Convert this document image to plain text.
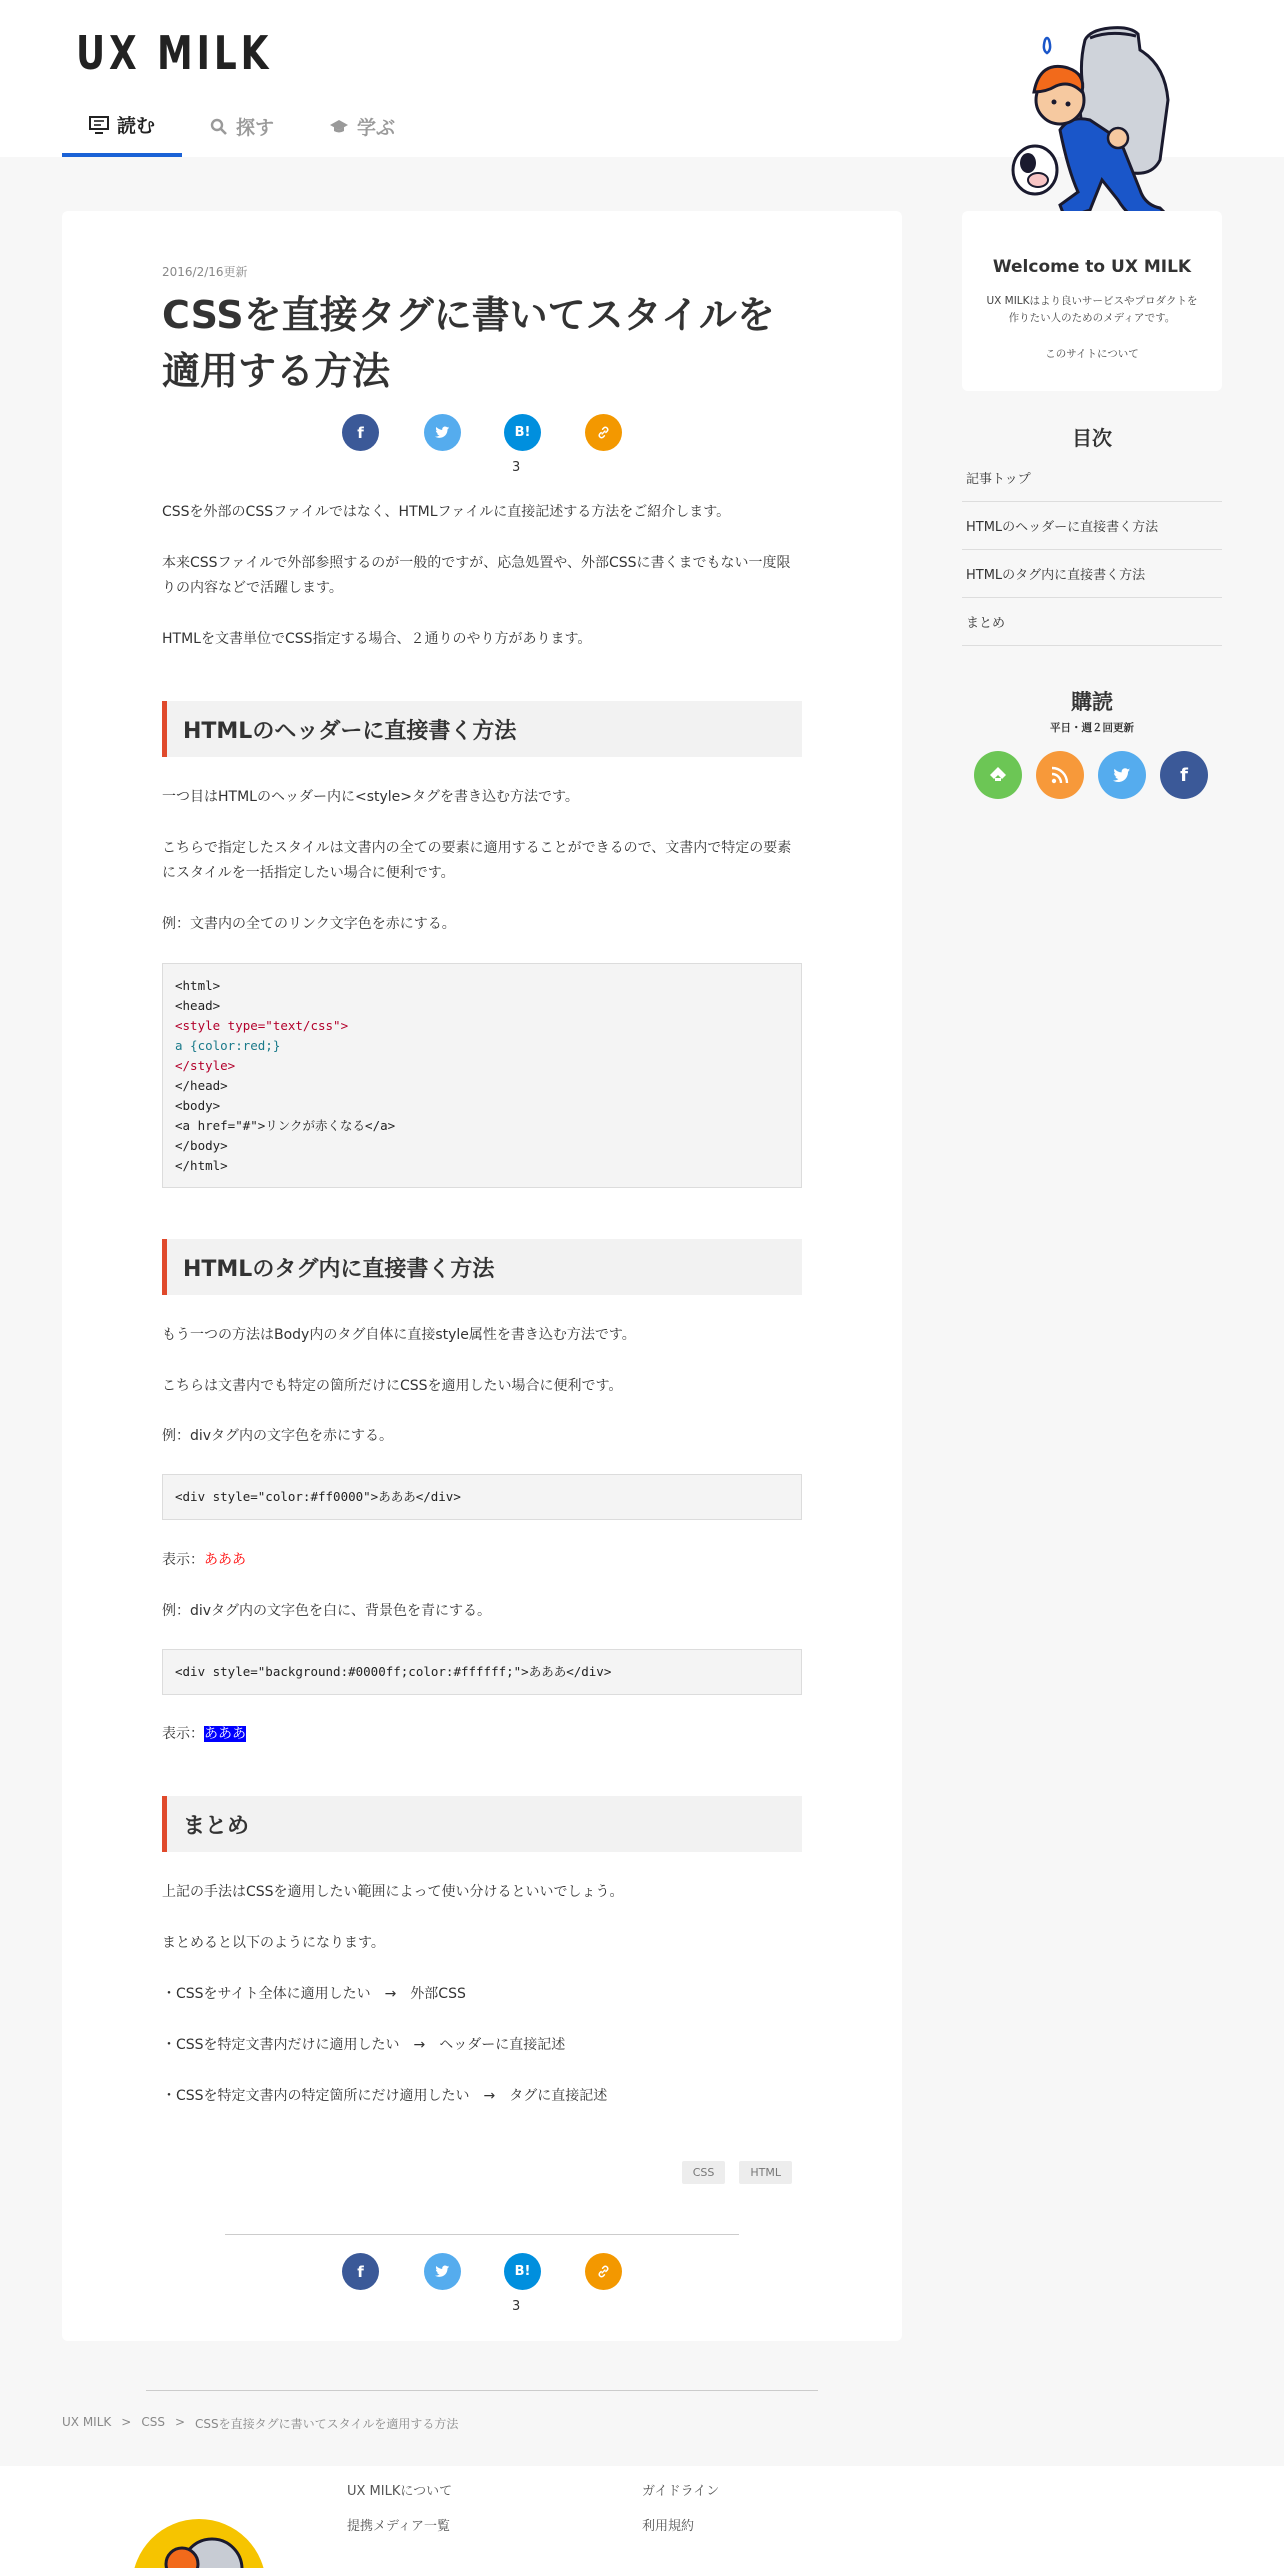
UX MILK
読む	探す	学ぶ
2016/2/16更新
CSSを直接タグに書いてスタイルを適用する方法
f	B!
3
CSSを外部のCSSファイルではなく、HTMLファイルに直接記述する方法をご紹介します。
本来CSSファイルで外部参照するのが一般的ですが、応急処置や、外部CSSに書くまでもない一度限りの内容などで活躍します。
HTMLを文書単位でCSS指定する場合、２通りのやり方があります。
HTMLのヘッダーに直接書く方法
一つ目はHTMLのヘッダー内に<style>タグを書き込む方法です。
こちらで指定したスタイルは文書内の全ての要素に適用することができるので、文書内で特定の要素にスタイルを一括指定したい場合に便利です。
例：文書内の全てのリンク文字色を赤にする。
<html>
<head>
<style type="text/css">
a {color:red;}
</style>
</head>
<body>
<a href="#">リンクが赤くなる</a>
</body>
</html>
HTMLのタグ内に直接書く方法
もう一つの方法はBody内のタグ自体に直接style属性を書き込む方法です。
こちらは文書内でも特定の箇所だけにCSSを適用したい場合に便利です。
例：divタグ内の文字色を赤にする。
<div style="color:#ff0000">あああ</div>
表示：あああ
例：divタグ内の文字色を白に、背景色を青にする。
<div style="background:#0000ff;color:#ffffff;">あああ</div>
表示：あああ
まとめ
上記の手法はCSSを適用したい範囲によって使い分けるといいでしょう。
まとめると以下のようになります。
・CSSをサイト全体に適用したい　→　外部CSS
・CSSを特定文書内だけに適用したい　→　ヘッダーに直接記述
・CSSを特定文書内の特定箇所にだけ適用したい　→　タグに直接記述
CSS	HTML
f	B!
3
Welcome to UX MILK
UX MILKはより良いサービスやプロダクトを作りたい人のためのメディアです。
このサイトについて
目次
記事トップ
HTMLのヘッダーに直接書く方法
HTMLのタグ内に直接書く方法
まとめ
購読
平日・週２回更新
f
UX MILK > CSS > CSSを直接タグに書いてスタイルを適用する方法
UX MILKについて
提携メディア一覧
ガイドライン
利用規約
